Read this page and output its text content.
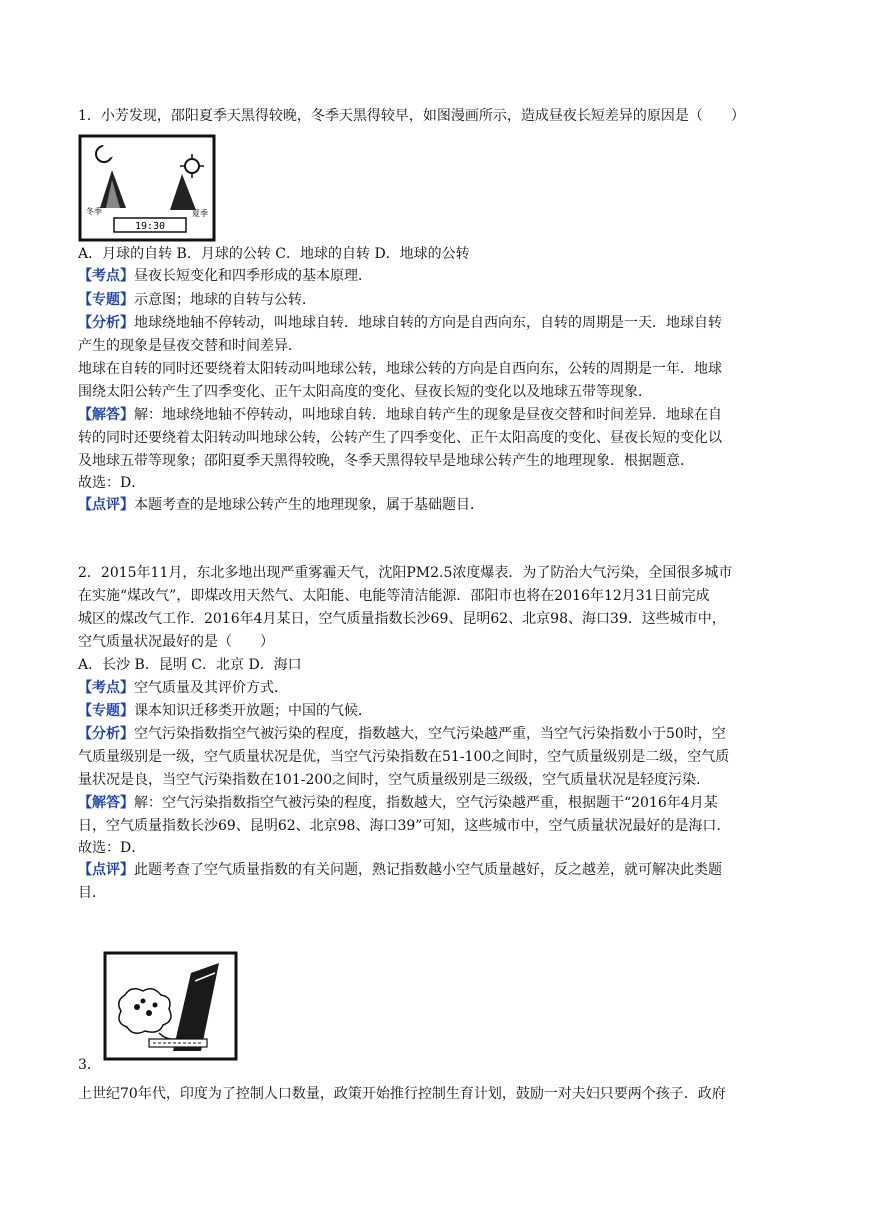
1．小芳发现，邵阳夏季天黑得较晚，冬季天黑得较早，如图漫画所示，造成昼夜长短差异的原因是（　　）
19:30
冬季	夏季
A．月球的自转 B．月球的公转 C．地球的自转 D．地球的公转
【考点】昼夜长短变化和四季形成的基本原理．
【专题】示意图；地球的自转与公转．
【分析】地球绕地轴不停转动，叫地球自转．地球自转的方向是自西向东，自转的周期是一天．地球自转
产生的现象是昼夜交替和时间差异．
地球在自转的同时还要绕着太阳转动叫地球公转，地球公转的方向是自西向东，公转的周期是一年．地球
围绕太阳公转产生了四季变化、正午太阳高度的变化、昼夜长短的变化以及地球五带等现象．
【解答】解：地球绕地轴不停转动，叫地球自转．地球自转产生的现象是昼夜交替和时间差异．地球在自
转的同时还要绕着太阳转动叫地球公转，公转产生了四季变化、正午太阳高度的变化、昼夜长短的变化以
及地球五带等现象；邵阳夏季天黑得较晚，冬季天黑得较早是地球公转产生的地理现象．根据题意．
故选：D．
【点评】本题考查的是地球公转产生的地理现象，属于基础题目．
2．2015年11月，东北多地出现严重雾霾天气，沈阳PM2.5浓度爆表．为了防治大气污染，全国很多城市
在实施“煤改气”，即煤改用天然气、太阳能、电能等清洁能源．邵阳市也将在2016年12月31日前完成
城区的煤改气工作．2016年4月某日，空气质量指数长沙69、昆明62、北京98、海口39．这些城市中，
空气质量状况最好的是（　　）
A．长沙 B．昆明 C．北京 D．海口
【考点】空气质量及其评价方式．
【专题】课本知识迁移类开放题；中国的气候．
【分析】空气污染指数指空气被污染的程度，指数越大，空气污染越严重，当空气污染指数小于50时，空
气质量级别是一级，空气质量状况是优，当空气污染指数在51-100之间时，空气质量级别是二级，空气质
量状况是良，当空气污染指数在101-200之间时，空气质量级别是三级级，空气质量状况是轻度污染．
【解答】解：空气污染指数指空气被污染的程度，指数越大，空气污染越严重，根据题干“2016年4月某
日，空气质量指数长沙69、昆明62、北京98、海口39”可知，这些城市中，空气质量状况最好的是海口．
故选：D．
【点评】此题考查了空气质量指数的有关问题，熟记指数越小空气质量越好，反之越差，就可解决此类题
目．
3．
上世纪70年代，印度为了控制人口数量，政策开始推行控制生育计划，鼓励一对夫妇只要两个孩子．政府
